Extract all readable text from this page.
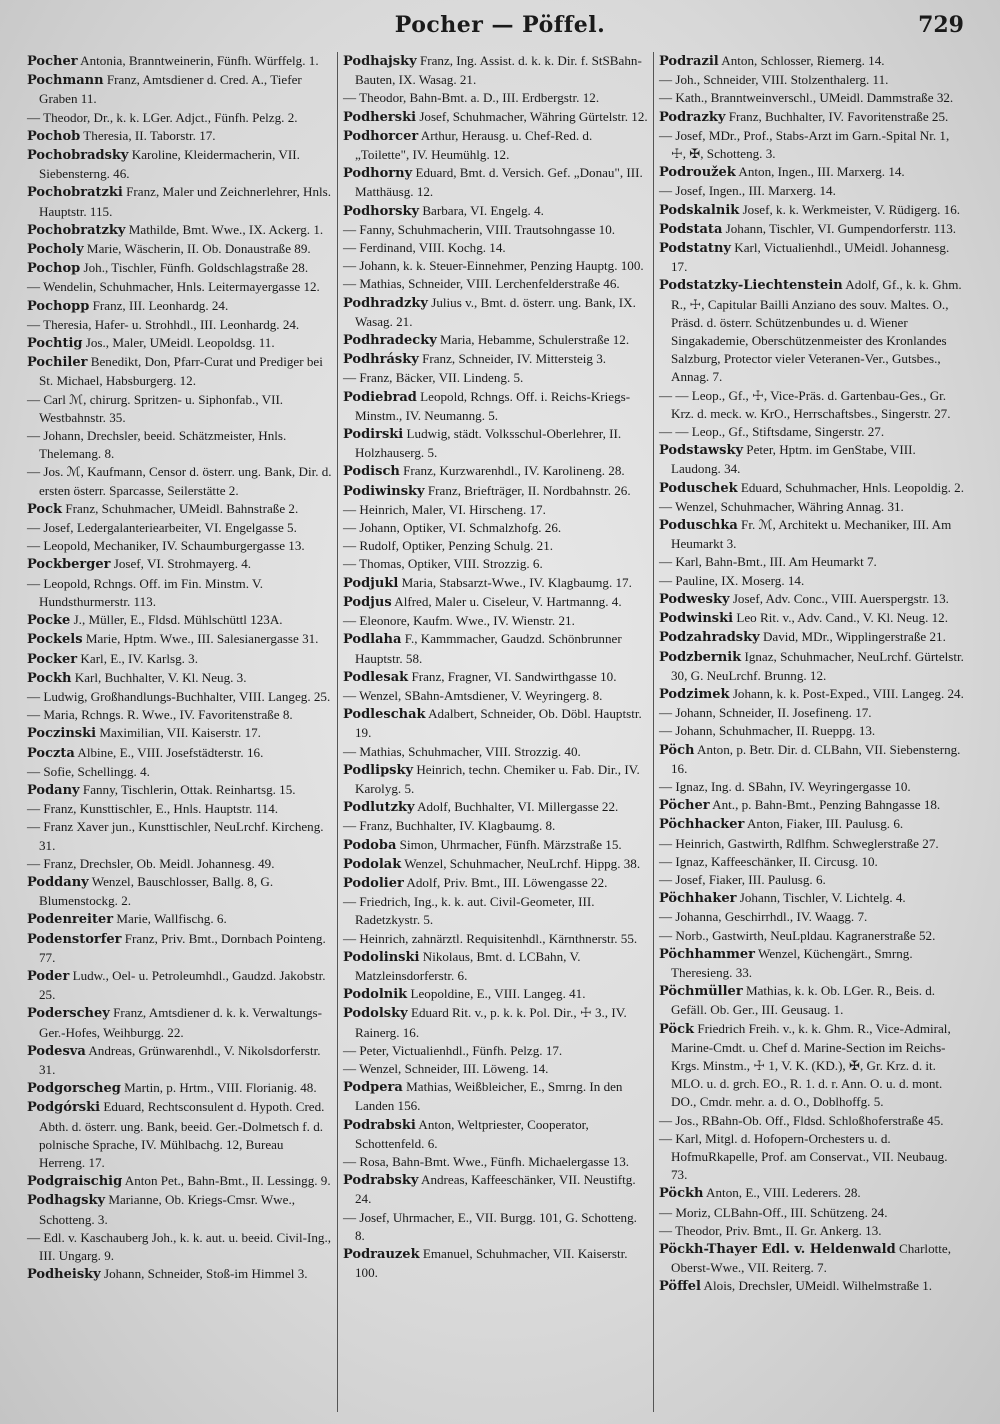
Pocher — Pöffel.	729

Pocher Antonia, Branntweinerin, Fünfh. Würffelg. 1.

Pochmann Franz, Amtsdiener d. Cred. A., Tiefer Graben 11.

— Theodor, Dr., k. k. LGer. Adjct., Fünfh. Pelzg. 2.

Pochob Theresia, II. Taborstr. 17.

Pochobradsky Karoline, Kleidermacherin, VII. Siebensterng. 46.

Pochobratzki Franz, Maler und Zeichnerlehrer, Hnls. Hauptstr. 115.

Pochobratzky Mathilde, Bmt. Wwe., IX. Ackerg. 1.

Pocholy Marie, Wäscherin, II. Ob. Donaustraße 89.

Pochop Joh., Tischler, Fünfh. Goldschlagstraße 28.

— Wendelin, Schuhmacher, Hnls. Leitermayergasse 12.

Pochopp Franz, III. Leonhardg. 24.

— Theresia, Hafer- u. Strohhdl., III. Leonhardg. 24.

Pochtig Jos., Maler, UMeidl. Leopoldsg. 11.

Pochiler Benedikt, Don, Pfarr-Curat und Prediger bei St. Michael, Habsburgerg. 12.

— Carl ℳ, chirurg. Spritzen- u. Siphonfab., VII. Westbahnstr. 35.

— Johann, Drechsler, beeid. Schätzmeister, Hnls. Thelemang. 8.

— Jos. ℳ, Kaufmann, Censor d. österr. ung. Bank, Dir. d. ersten österr. Sparcasse, Seilerstätte 2.

Pock Franz, Schuhmacher, UMeidl. Bahnstraße 2.

— Josef, Ledergalanteriearbeiter, VI. Engelgasse 5.

— Leopold, Mechaniker, IV. Schaumburgergasse 13.

Pockberger Josef, VI. Strohmayerg. 4.

— Leopold, Rchngs. Off. im Fin. Minstm. V. Hundsthurmerstr. 113.

Pocke J., Müller, E., Fldsd. Mühlschüttl 123A.

Pockels Marie, Hptm. Wwe., III. Salesianergasse 31.

Pocker Karl, E., IV. Karlsg. 3.

Pockh Karl, Buchhalter, V. Kl. Neug. 3.

— Ludwig, Großhandlungs-Buchhalter, VIII. Langeg. 25.

— Maria, Rchngs. R. Wwe., IV. Favoritenstraße 8.

Poczinski Maximilian, VII. Kaiserstr. 17.

Poczta Albine, E., VIII. Josefstädterstr. 16.

— Sofie, Schellingg. 4.

Podany Fanny, Tischlerin, Ottak. Reinhartsg. 15.

— Franz, Kunsttischler, E., Hnls. Hauptstr. 114.

— Franz Xaver jun., Kunsttischler, NeuLrchf. Kircheng. 31.

— Franz, Drechsler, Ob. Meidl. Johannesg. 49.

Poddany Wenzel, Bauschlosser, Ballg. 8, G. Blumenstockg. 2.

Podenreiter Marie, Wallfischg. 6.

Podenstorfer Franz, Priv. Bmt., Dornbach Pointeng. 77.

Poder Ludw., Oel- u. Petroleumhdl., Gaudzd. Jakobstr. 25.

Poderschey Franz, Amtsdiener d. k. k. Verwaltungs-Ger.-Hofes, Weihburgg. 22.

Podesva Andreas, Grünwarenhdl., V. Nikolsdorferstr. 31.

Podgorscheg Martin, p. Hrtm., VIII. Florianig. 48.

Podgórski Eduard, Rechtsconsulent d. Hypoth. Cred. Abth. d. österr. ung. Bank, beeid. Ger.-Dolmetsch f. d. polnische Sprache, IV. Mühlbachg. 12, Bureau Herreng. 17.

Podgraischig Anton Pet., Bahn-Bmt., II. Lessingg. 9.

Podhagsky Marianne, Ob. Kriegs-Cmsr. Wwe., Schotteng. 3.

— Edl. v. Kaschauberg Joh., k. k. aut. u. beeid. Civil-Ing., III. Ungarg. 9.

Podheisky Johann, Schneider, Stoß-im Himmel 3.

Podhajsky Franz, Ing. Assist. d. k. k. Dir. f. StSBahn-Bauten, IX. Wasag. 21.

— Theodor, Bahn-Bmt. a. D., III. Erdbergstr. 12.

Podherski Josef, Schuhmacher, Währing Gürtelstr. 12.

Podhorcer Arthur, Herausg. u. Chef-Red. d. „Toilette", IV. Heumühlg. 12.

Podhorny Eduard, Bmt. d. Versich. Gef. „Donau", III. Matthäusg. 12.

Podhorsky Barbara, VI. Engelg. 4.

— Fanny, Schuhmacherin, VIII. Trautsohngasse 10.

— Ferdinand, VIII. Kochg. 14.

— Johann, k. k. Steuer-Einnehmer, Penzing Hauptg. 100.

— Mathias, Schneider, VIII. Lerchenfelderstraße 46.

Podhradzky Julius v., Bmt. d. österr. ung. Bank, IX. Wasag. 21.

Podhradecky Maria, Hebamme, Schulerstraße 12.

Podhrásky Franz, Schneider, IV. Mittersteig 3.

— Franz, Bäcker, VII. Lindeng. 5.

Podiebrad Leopold, Rchngs. Off. i. Reichs-Kriegs-Minstm., IV. Neumanng. 5.

Podirski Ludwig, städt. Volksschul-Oberlehrer, II. Holzhauserg. 5.

Podisch Franz, Kurzwarenhdl., IV. Karolineng. 28.

Podiwinsky Franz, Briefträger, II. Nordbahnstr. 26.

— Heinrich, Maler, VI. Hirscheng. 17.

— Johann, Optiker, VI. Schmalzhofg. 26.

— Rudolf, Optiker, Penzing Schulg. 21.

— Thomas, Optiker, VIII. Strozzig. 6.

Podjukl Maria, Stabsarzt-Wwe., IV. Klagbaumg. 17.

Podjus Alfred, Maler u. Ciseleur, V. Hartmanng. 4.

— Eleonore, Kaufm. Wwe., IV. Wienstr. 21.

Podlaha F., Kammmacher, Gaudzd. Schönbrunner Hauptstr. 58.

Podlesak Franz, Fragner, VI. Sandwirthgasse 10.

— Wenzel, SBahn-Amtsdiener, V. Weyringerg. 8.

Podleschak Adalbert, Schneider, Ob. Döbl. Hauptstr. 19.

— Mathias, Schuhmacher, VIII. Strozzig. 40.

Podlipsky Heinrich, techn. Chemiker u. Fab. Dir., IV. Karolyg. 5.

Podlutzky Adolf, Buchhalter, VI. Millergasse 22.

— Franz, Buchhalter, IV. Klagbaumg. 8.

Podoba Simon, Uhrmacher, Fünfh. Märzstraße 15.

Podolak Wenzel, Schuhmacher, NeuLrchf. Hippg. 38.

Podolier Adolf, Priv. Bmt., III. Löwengasse 22.

— Friedrich, Ing., k. k. aut. Civil-Geometer, III. Radetzkystr. 5.

— Heinrich, zahnärztl. Requisitenhdl., Kärnthnerstr. 55.

Podolinski Nikolaus, Bmt. d. LCBahn, V. Matzleinsdorferstr. 6.

Podolnik Leopoldine, E., VIII. Langeg. 41.

Podolsky Eduard Rit. v., p. k. k. Pol. Dir., ☩ 3., IV. Rainerg. 16.

— Peter, Victualienhdl., Fünfh. Pelzg. 17.

— Wenzel, Schneider, III. Löweng. 14.

Podpera Mathias, Weißbleicher, E., Smrng. In den Landen 156.

Podrabski Anton, Weltpriester, Cooperator, Schottenfeld. 6.

— Rosa, Bahn-Bmt. Wwe., Fünfh. Michaelergasse 13.

Podrabsky Andreas, Kaffeeschänker, VII. Neustiftg. 24.

— Josef, Uhrmacher, E., VII. Burgg. 101, G. Schotteng. 8.

Podrauzek Emanuel, Schuhmacher, VII. Kaiserstr. 100.

Podrazil Anton, Schlosser, Riemerg. 14.

— Joh., Schneider, VIII. Stolzenthalerg. 11.

— Kath., Branntweinverschl., UMeidl. Dammstraße 32.

Podrazky Franz, Buchhalter, IV. Favoritenstraße 25.

— Josef, MDr., Prof., Stabs-Arzt im Garn.-Spital Nr. 1, ☩, ✠, Schotteng. 3.

Podroužek Anton, Ingen., III. Marxerg. 14.

— Josef, Ingen., III. Marxerg. 14.

Podskalnik Josef, k. k. Werkmeister, V. Rüdigerg. 16.

Podstata Johann, Tischler, VI. Gumpendorferstr. 113.

Podstatny Karl, Victualienhdl., UMeidl. Johannesg. 17.

Podstatzky-Liechtenstein Adolf, Gf., k. k. Ghm. R., ☩, Capitular Bailli Anziano des souv. Maltes. O., Präsd. d. österr. Schützenbundes u. d. Wiener Singakademie, Oberschützenmeister des Kronlandes Salzburg, Protector vieler Veteranen-Ver., Gutsbes., Annag. 7.

— — Leop., Gf., ☩, Vice-Präs. d. Gartenbau-Ges., Gr. Krz. d. meck. w. KrO., Herrschaftsbes., Singerstr. 27.

— — Leop., Gf., Stiftsdame, Singerstr. 27.

Podstawsky Peter, Hptm. im GenStabe, VIII. Laudong. 34.

Poduschek Eduard, Schuhmacher, Hnls. Leopoldig. 2.

— Wenzel, Schuhmacher, Währing Annag. 31.

Poduschka Fr. ℳ, Architekt u. Mechaniker, III. Am Heumarkt 3.

— Karl, Bahn-Bmt., III. Am Heumarkt 7.

— Pauline, IX. Moserg. 14.

Podwesky Josef, Adv. Conc., VIII. Auerspergstr. 13.

Podwinski Leo Rit. v., Adv. Cand., V. Kl. Neug. 12.

Podzahradsky David, MDr., Wipplingerstraße 21.

Podzbernik Ignaz, Schuhmacher, NeuLrchf. Gürtelstr. 30, G. NeuLrchf. Brunng. 12.

Podzimek Johann, k. k. Post-Exped., VIII. Langeg. 24.

— Johann, Schneider, II. Josefineng. 17.

— Johann, Schuhmacher, II. Rueppg. 13.

Pöch Anton, p. Betr. Dir. d. CLBahn, VII. Siebensterng. 16.

— Ignaz, Ing. d. SBahn, IV. Weyringergasse 10.

Pöcher Ant., p. Bahn-Bmt., Penzing Bahngasse 18.

Pöchhacker Anton, Fiaker, III. Paulusg. 6.

— Heinrich, Gastwirth, Rdlfhm. Schweglerstraße 27.

— Ignaz, Kaffeeschänker, II. Circusg. 10.

— Josef, Fiaker, III. Paulusg. 6.

Pöchhaker Johann, Tischler, V. Lichtelg. 4.

— Johanna, Geschirrhdl., IV. Waagg. 7.

— Norb., Gastwirth, NeuLpldau. Kagranerstraße 52.

Pöchhammer Wenzel, Küchengärt., Smrng. Theresieng. 33.

Pöchmüller Mathias, k. k. Ob. LGer. R., Beis. d. Gefäll. Ob. Ger., III. Geusaug. 1.

Pöck Friedrich Freih. v., k. k. Ghm. R., Vice-Admiral, Marine-Cmdt. u. Chef d. Marine-Section im Reichs-Krgs. Minstm., ☩ 1, V. K. (KD.), ✠, Gr. Krz. d. it. MLO. u. d. grch. EO., R. 1. d. r. Ann. O. u. d. mont. DO., Cmdr. mehr. a. d. O., Doblhoffg. 5.

— Jos., RBahn-Ob. Off., Fldsd. Schloßhoferstraße 45.

— Karl, Mitgl. d. Hofopern-Orchesters u. d. HofmuRkapelle, Prof. am Conservat., VII. Neubaug. 73.

Pöckh Anton, E., VIII. Lederers. 28.

— Moriz, CLBahn-Off., III. Schützeng. 24.

— Theodor, Priv. Bmt., II. Gr. Ankerg. 13.

Pöckh-Thayer Edl. v. Heldenwald Charlotte, Oberst-Wwe., VII. Reiterg. 7.

Pöffel Alois, Drechsler, UMeidl. Wilhelmstraße 1.
